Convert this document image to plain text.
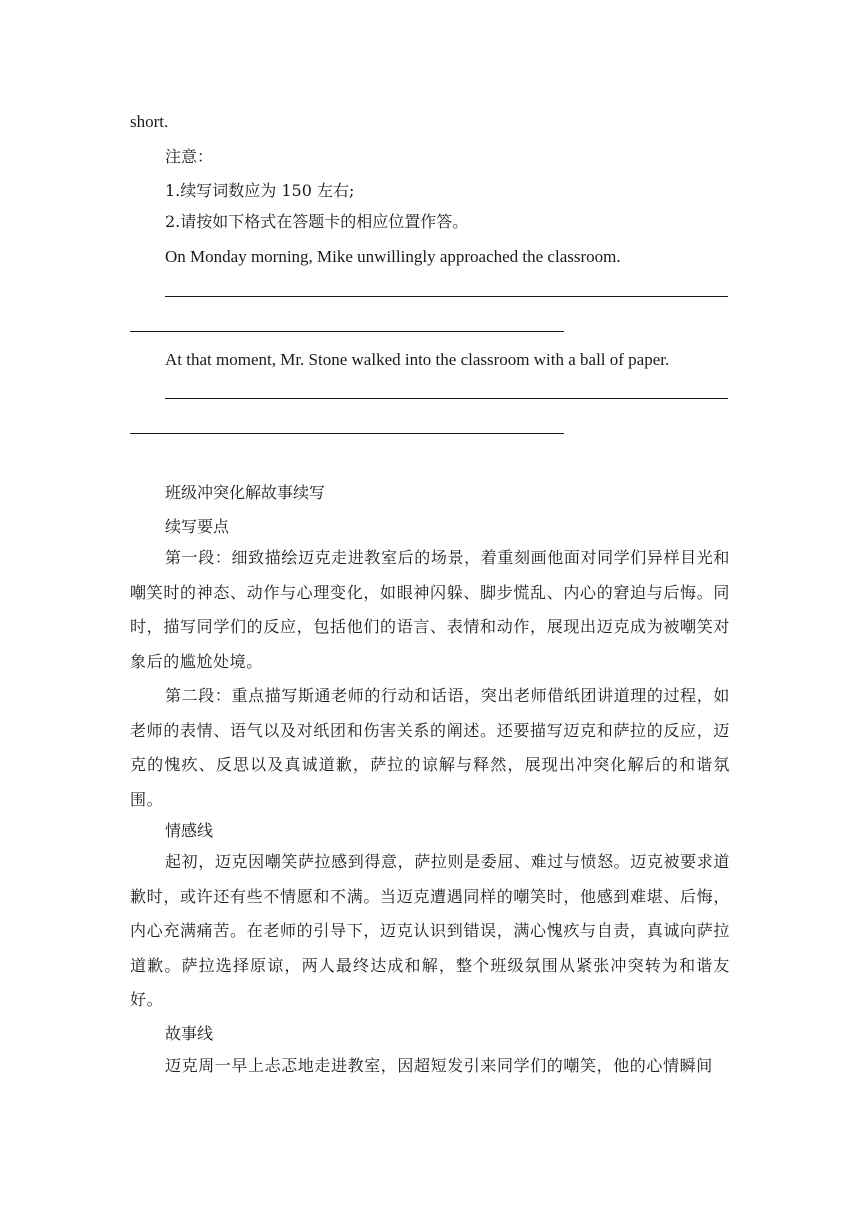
short.
注意：
1.续写词数应为 150 左右;
2.请按如下格式在答题卡的相应位置作答。
On Monday morning, Mike unwillingly approached the classroom.
At that moment, Mr. Stone walked into the classroom with a ball of paper.
班级冲突化解故事续写
续写要点
第一段：细致描绘迈克走进教室后的场景，着重刻画他面对同学们异样目光和嘲笑时的神态、动作与心理变化，如眼神闪躲、脚步慌乱、内心的窘迫与后悔。同时，描写同学们的反应，包括他们的语言、表情和动作，展现出迈克成为被嘲笑对象后的尴尬处境。
第二段：重点描写斯通老师的行动和话语，突出老师借纸团讲道理的过程，如老师的表情、语气以及对纸团和伤害关系的阐述。还要描写迈克和萨拉的反应，迈克的愧疚、反思以及真诚道歉，萨拉的谅解与释然，展现出冲突化解后的和谐氛围。
情感线
起初，迈克因嘲笑萨拉感到得意，萨拉则是委屈、难过与愤怒。迈克被要求道歉时，或许还有些不情愿和不满。当迈克遭遇同样的嘲笑时，他感到难堪、后悔，内心充满痛苦。在老师的引导下，迈克认识到错误，满心愧疚与自责，真诚向萨拉道歉。萨拉选择原谅，两人最终达成和解，整个班级氛围从紧张冲突转为和谐友好。
故事线
迈克周一早上忐忑地走进教室，因超短发引来同学们的嘲笑，他的心情瞬间
